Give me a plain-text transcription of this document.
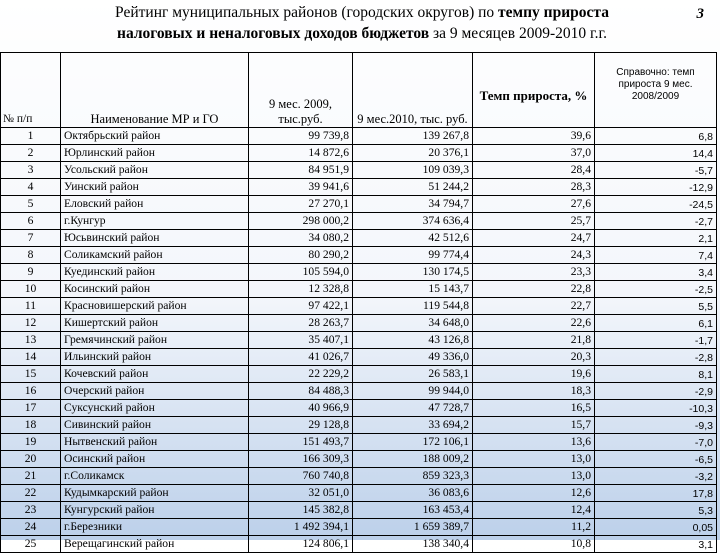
Рейтинг муниципальных районов (городских округов) по темпу прироста
налоговых и неналоговых доходов бюджетов за 9 месяцев 2009-2010 г.г.
3
№ п/п	Наименование МР и ГО	9 мес. 2009, тыс.руб.	9 мес.2010, тыс. руб.	Темп прироста, %	Справочно: темп прироста 9 мес. 2008/2009
1	Октябрьский район	99 739,8	139 267,8	39,6	6,8
2	Юрлинский район	14 872,6	20 376,1	37,0	14,4
3	Усольский район	84 951,9	109 039,3	28,4	-5,7
4	Уинский район	39 941,6	51 244,2	28,3	-12,9
5	Еловский район	27 270,1	34 794,7	27,6	-24,5
6	г.Кунгур	298 000,2	374 636,4	25,7	-2,7
7	Юсьвинский район	34 080,2	42 512,6	24,7	2,1
8	Соликамский район	80 290,2	99 774,4	24,3	7,4
9	Куединский район	105 594,0	130 174,5	23,3	3,4
10	Косинский район	12 328,8	15 143,7	22,8	-2,5
11	Красновишерский район	97 422,1	119 544,8	22,7	5,5
12	Кишертский район	28 263,7	34 648,0	22,6	6,1
13	Гремячинский район	35 407,1	43 126,8	21,8	-1,7
14	Ильинский район	41 026,7	49 336,0	20,3	-2,8
15	Кочевский район	22 229,2	26 583,1	19,6	8,1
16	Очерский район	84 488,3	99 944,0	18,3	-2,9
17	Суксунский район	40 966,9	47 728,7	16,5	-10,3
18	Сивинский район	29 128,8	33 694,2	15,7	-9,3
19	Нытвенский район	151 493,7	172 106,1	13,6	-7,0
20	Осинский район	166 309,3	188 009,2	13,0	-6,5
21	г.Соликамск	760 740,8	859 323,3	13,0	-3,2
22	Кудымкарский район	32 051,0	36 083,6	12,6	17,8
23	Кунгурский район	145 382,8	163 453,4	12,4	5,3
24	г.Березники	1 492 394,1	1 659 389,7	11,2	0,05
25	Верещагинский район	124 806,1	138 340,4	10,8	3,1
